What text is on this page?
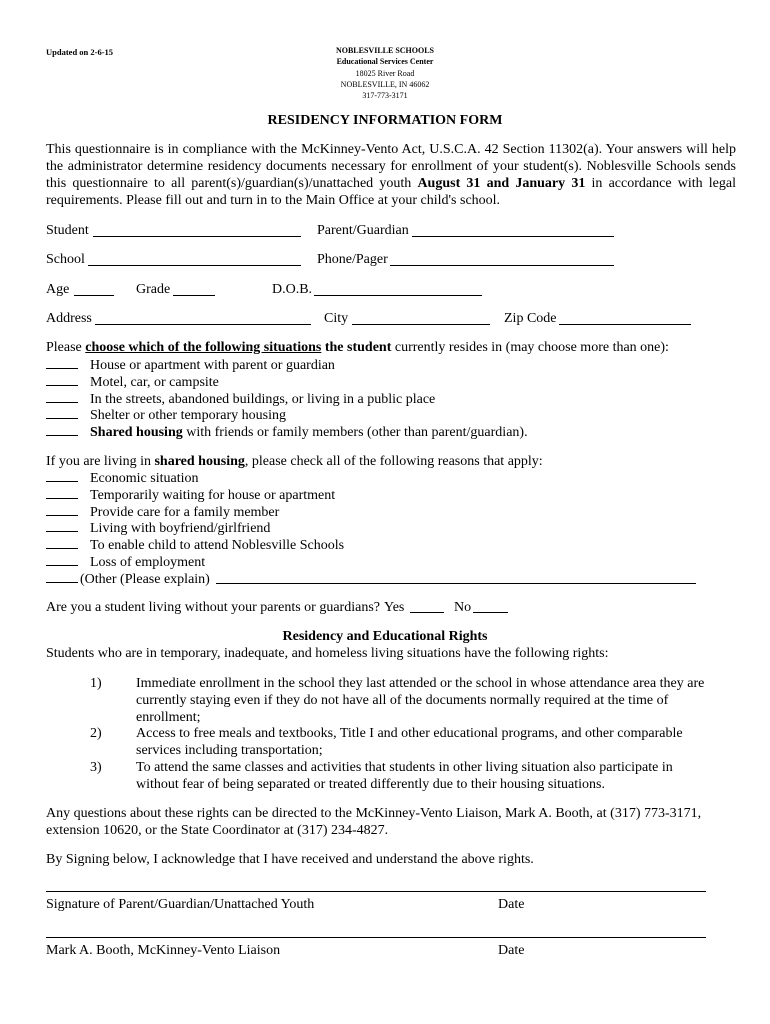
Updated on 2-6-15	NOBLESVILLE SCHOOLS
Educational Services Center
18025 River Road
NOBLESVILLE, IN 46062
317-773-3171
RESIDENCY INFORMATION FORM
This questionnaire is in compliance with the McKinney-Vento Act, U.S.C.A. 42 Section 11302(a). Your answers will help the administrator determine residency documents necessary for enrollment of your student(s). Noblesville Schools sends this questionnaire to all parent(s)/guardian(s)/unattached youth August 31 and January 31 in accordance with legal requirements. Please fill out and turn in to the Main Office at your child's school.
Student	Parent/Guardian
School	Phone/Pager
Age	Grade	D.O.B.
Address	City	Zip Code
Please choose which of the following situations the student currently resides in (may choose more than one):
House or apartment with parent or guardian
Motel, car, or campsite
In the streets, abandoned buildings, or living in a public place
Shelter or other temporary housing
Shared housing with friends or family members (other than parent/guardian).
If you are living in shared housing, please check all of the following reasons that apply:
Economic situation
Temporarily waiting for house or apartment
Provide care for a family member
Living with boyfriend/girlfriend
To enable child to attend Noblesville Schools
Loss of employment
(Other (Please explain)
Are you a student living without your parents or guardians? Yes	No
Residency and Educational Rights
Students who are in temporary, inadequate, and homeless living situations have the following rights:
1) Immediate enrollment in the school they last attended or the school in whose attendance area they are currently staying even if they do not have all of the documents normally required at the time of enrollment;
2) Access to free meals and textbooks, Title I and other educational programs, and other comparable services including transportation;
3) To attend the same classes and activities that students in other living situation also participate in without fear of being separated or treated differently due to their housing situations.
Any questions about these rights can be directed to the McKinney-Vento Liaison, Mark A. Booth, at (317) 773-3171, extension 10620, or the State Coordinator at (317) 234-4827.
By Signing below, I acknowledge that I have received and understand the above rights.
Signature of Parent/Guardian/Unattached Youth	Date
Mark A. Booth, McKinney-Vento Liaison	Date
